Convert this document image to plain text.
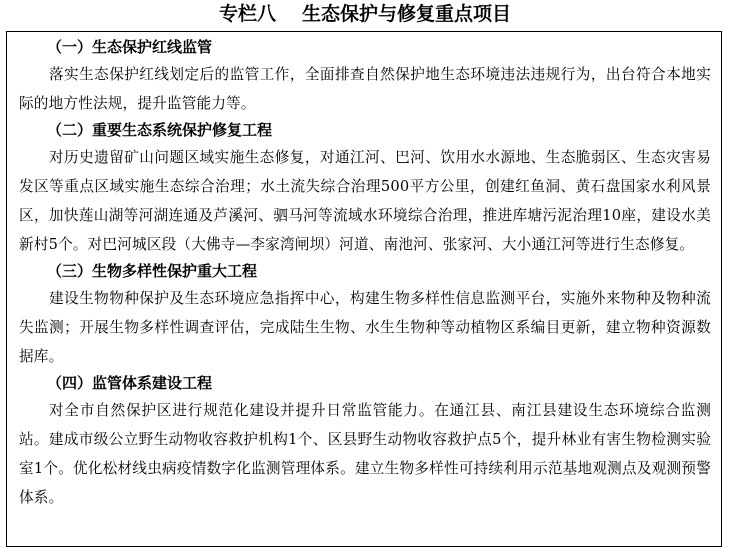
专栏八 生态保护与修复重点项目
（一）生态保护红线监管
落实生态保护红线划定后的监管工作，全面排查自然保护地生态环境违法违规行为，出台符合本地实际的地方性法规，提升监管能力等。
（二）重要生态系统保护修复工程
对历史遗留矿山问题区域实施生态修复，对通江河、巴河、饮用水水源地、生态脆弱区、生态灾害易发区等重点区域实施生态综合治理；水土流失综合治理500平方公里，创建红鱼洞、黄石盘国家水利风景区，加快莲山湖等河湖连通及芦溪河、驷马河等流域水环境综合治理，推进库塘污泥治理10座，建设水美新村5个。对巴河城区段（大佛寺—李家湾闸坝）河道、南池河、张家河、大小通江河等进行生态修复。
（三）生物多样性保护重大工程
建设生物物种保护及生态环境应急指挥中心，构建生物多样性信息监测平台，实施外来物种及物种流失监测；开展生物多样性调查评估，完成陆生生物、水生生物种等动植物区系编目更新，建立物种资源数据库。
（四）监管体系建设工程
对全市自然保护区进行规范化建设并提升日常监管能力。在通江县、南江县建设生态环境综合监测站。建成市级公立野生动物收容救护机构1个、区县野生动物收容救护点5个，提升林业有害生物检测实验室1个。优化松材线虫病疫情数字化监测管理体系。建立生物多样性可持续利用示范基地观测点及观测预警体系。
